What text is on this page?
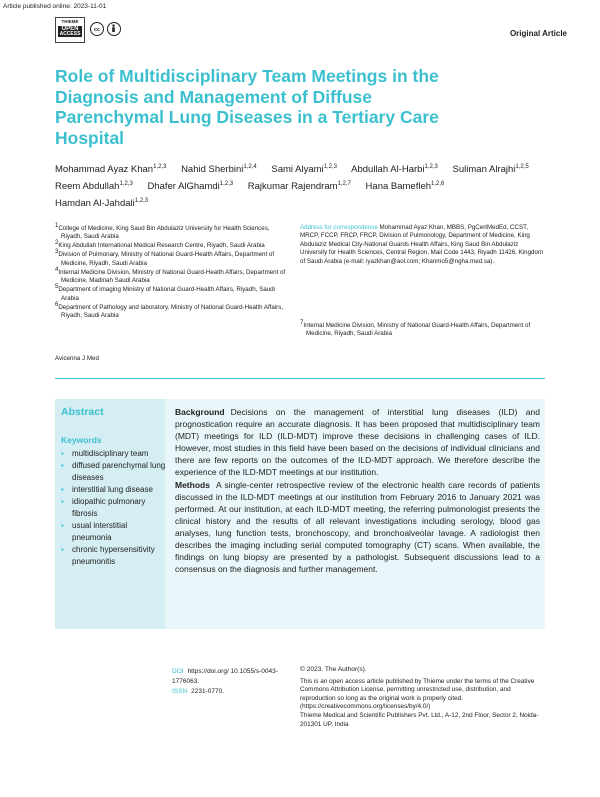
Article published online: 2023-11-01
THIEME
OPEN
ACCESS
cc	Original Article
Role of Multidisciplinary Team Meetings in the Diagnosis and Management of Diffuse Parenchymal Lung Diseases in a Tertiary Care Hospital
Mohammad Ayaz Khan$^{1,2,3}$ Nahid Sherbini$^{1,2,4}$ Sami Alyami$^{1,2,3}$ Abdullah Al-Harbi$^{1,2,3}$ Suliman Alrajhi$^{1,2,5}$ Reem Abdullah$^{1,2,3}$ Dhafer AlGhamdi$^{1,2,3}$ Rajkumar Rajendram$^{1,2,7}$ Hana Bamefleh$^{1,2,6}$ Hamdan Al-Jahdali$^{1,2,3}$
$^1$College of Medicine, King Saud Bin Abdulaziz University for Health Sciences, Riyadh, Saudi Arabia
$^2$King Abdullah International Medical Research Centre, Riyadh, Saudi Arabia
$^3$Division of Pulmonary, Ministry of National Guard-Health Affairs, Department of Medicine, Riyadh, Saudi Arabia
$^4$Internal Medicine Division, Ministry of National Guard-Health Affairs, Department of Medicine, Madinah Saudi Arabia
$^5$Department of imaging Ministry of National Guard-Health Affairs, Riyadh, Saudi Arabia
$^6$Department of Pathology and laboratory. Ministry of National Guard-Health Affairs, Riyadh, Saudi Arabia
Address for correspondence Mohammad Ayaz Khan, MBBS, PgCertMedEd, CCST, MRCP, FCCP, FRCP, FRCP, Division of Pulmonology, Department of Medicine, King Abdulaziz Medical City-National Guards Health Affairs, King Saud Bin Abdulaziz University for Health Sciences, Central Region, Mail Code 1443, Riyadh 11426, Kingdom of Saudi Arabia (e-mail: iyazkhan@aol.com; Khanmo5@ngha.med.sa).
$^7$Internal Medicine Division, Ministry of National Guard-Health Affairs, Department of Medicine, Riyadh, Saudi Arabia
Avicenna J Med
Abstract
Keywords
▪ multidisciplinary team
▪ diffused parenchymal lung diseases
▪ interstitial lung disease
▪ idiopathic pulmonary fibrosis
▪ usual interstitial pneumonia
▪ chronic hypersensitivity pneumonitis

Background Decisions on the management of interstitial lung diseases (ILD) and prognostication require an accurate diagnosis. It has been proposed that multidisciplinary team (MDT) meetings for ILD (ILD-MDT) improve these decisions in challenging cases of ILD. However, most studies in this field have been based on the decisions of individual clinicians and there are few reports on the outcomes of the ILD-MDT approach. We therefore describe the experience of the ILD-MDT meetings at our institution.

Methods A single-center retrospective review of the electronic health care records of patients discussed in the ILD-MDT meetings at our institution from February 2016 to January 2021 was performed. At our institution, at each ILD-MDT meeting, the referring pulmonologist presents the clinical history and the results of all relevant investigations including serology, blood gas analyses, lung function tests, bronchoscopy, and bronchoalveolar lavage. A radiologist then describes the imaging including serial computed tomography (CT) scans. When available, the findings on lung biopsy are presented by a pathologist. Subsequent discussions lead to a consensus on the diagnosis and further management.

DOI https://doi.org/ 10.1055/s-0043-1776063.
ISSN 2231-0770.
© 2023. The Author(s).
This is an open access article published by Thieme under the terms of the Creative Commons Attribution License, permitting unrestricted use, distribution, and reproduction so long as the original work is properly cited. (https://creativecommons.org/licenses/by/4.0/)
Thieme Medical and Scientific Publishers Pvt. Ltd., A-12, 2nd Floor, Sector 2, Noida-201301 UP, India
